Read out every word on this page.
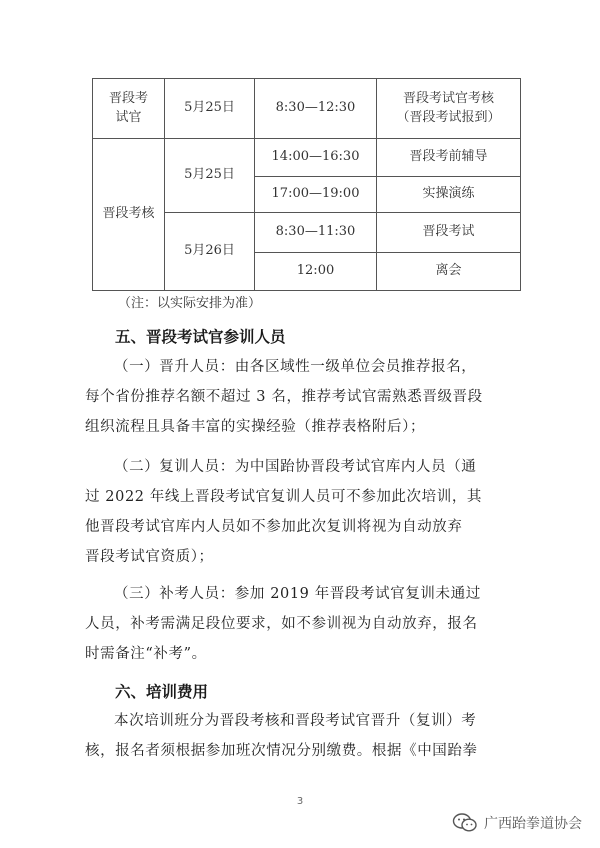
晋段考
试官	5月25日	8:30—12:30	晋段考试官考核
（晋段考试报到）

晋段考核	5月25日	14:00—16:30	晋段考前辅导
		17:00—19:00	实操演练
	5月26日	8:30—11:30	晋段考试
		12:00	离会
（注：以实际安排为准）
五、晋段考试官参训人员
（一）晋升人员：由各区域性一级单位会员推荐报名，
每个省份推荐名额不超过 3 名，推荐考试官需熟悉晋级晋段
组织流程且具备丰富的实操经验（推荐表格附后）；
（二）复训人员：为中国跆协晋段考试官库内人员（通
过 2022 年线上晋段考试官复训人员可不参加此次培训，其
他晋段考试官库内人员如不参加此次复训将视为自动放弃
晋段考试官资质）；
（三）补考人员：参加 2019 年晋段考试官复训未通过
人员，补考需满足段位要求，如不参训视为自动放弃，报名
时需备注“补考”。
六、培训费用
本次培训班分为晋段考核和晋段考试官晋升（复训）考
核，报名者须根据参加班次情况分别缴费。根据《中国跆拳
3
广西跆拳道协会
